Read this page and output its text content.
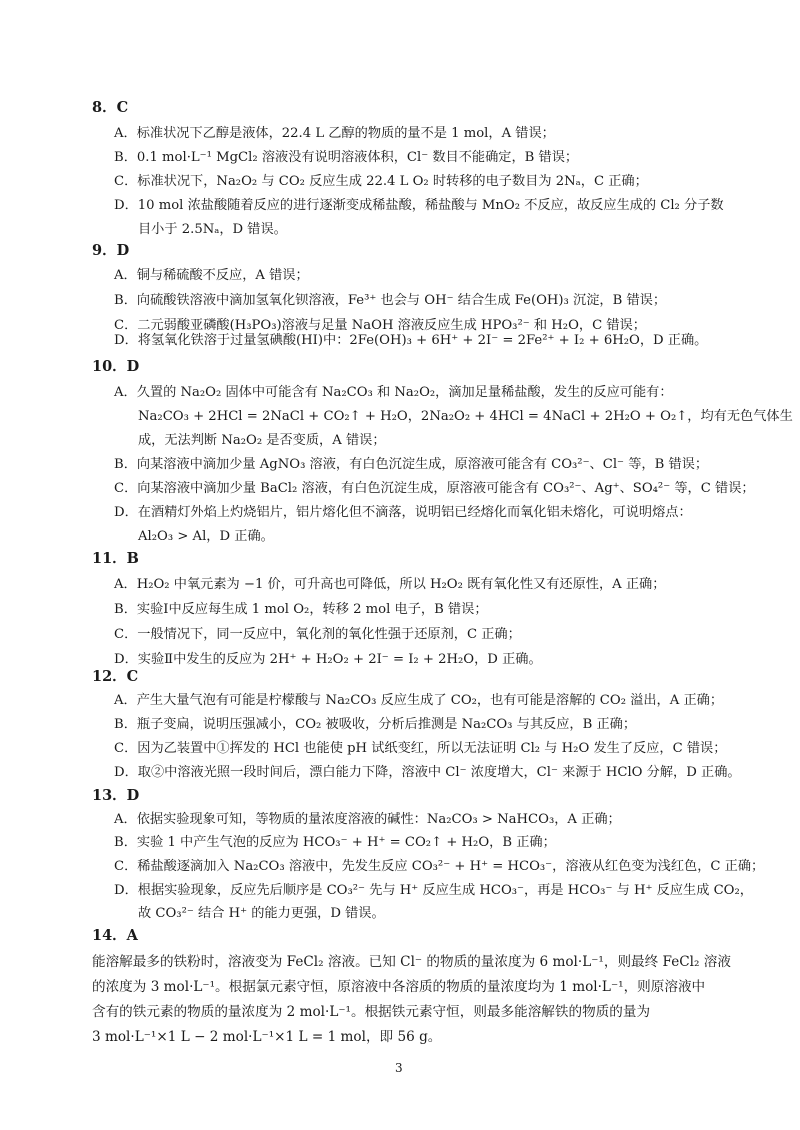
8．C
A．标准状况下乙醇是液体，22.4 L 乙醇的物质的量不是 1 mol，A 错误；
B．0.1 mol·L⁻¹ MgCl₂ 溶液没有说明溶液体积，Cl⁻ 数目不能确定，B 错误；
C．标准状况下，Na₂O₂ 与 CO₂ 反应生成 22.4 L O₂ 时转移的电子数目为 2Nₐ，C 正确；
D．10 mol 浓盐酸随着反应的进行逐渐变成稀盐酸，稀盐酸与 MnO₂ 不反应，故反应生成的 Cl₂ 分子数
目小于 2.5Nₐ，D 错误。
9．D
A．铜与稀硫酸不反应，A 错误；
B．向硫酸铁溶液中滴加氢氧化钡溶液，Fe³⁺ 也会与 OH⁻ 结合生成 Fe(OH)₃ 沉淀，B 错误；
C．二元弱酸亚磷酸(H₃PO₃)溶液与足量 NaOH 溶液反应生成 HPO₃²⁻ 和 H₂O，C 错误；
D．将氢氧化铁溶于过量氢碘酸(HI)中：2Fe(OH)₃ + 6H⁺ + 2I⁻ = 2Fe²⁺ + I₂ + 6H₂O，D 正确。
10．D
A．久置的 Na₂O₂ 固体中可能含有 Na₂CO₃ 和 Na₂O₂，滴加足量稀盐酸，发生的反应可能有：
Na₂CO₃ + 2HCl = 2NaCl + CO₂↑ + H₂O，2Na₂O₂ + 4HCl = 4NaCl + 2H₂O + O₂↑，均有无色气体生
成，无法判断 Na₂O₂ 是否变质，A 错误；
B．向某溶液中滴加少量 AgNO₃ 溶液，有白色沉淀生成，原溶液可能含有 CO₃²⁻、Cl⁻ 等，B 错误；
C．向某溶液中滴加少量 BaCl₂ 溶液，有白色沉淀生成，原溶液可能含有 CO₃²⁻、Ag⁺、SO₄²⁻ 等，C 错误；
D．在酒精灯外焰上灼烧铝片，铝片熔化但不滴落，说明铝已经熔化而氧化铝未熔化，可说明熔点：
Al₂O₃ > Al，D 正确。
11．B
A．H₂O₂ 中氧元素为 −1 价，可升高也可降低，所以 H₂O₂ 既有氧化性又有还原性，A 正确；
B．实验Ⅰ中反应每生成 1 mol O₂，转移 2 mol 电子，B 错误；
C．一般情况下，同一反应中，氧化剂的氧化性强于还原剂，C 正确；
D．实验Ⅱ中发生的反应为 2H⁺ + H₂O₂ + 2I⁻ = I₂ + 2H₂O，D 正确。
12．C
A．产生大量气泡有可能是柠檬酸与 Na₂CO₃ 反应生成了 CO₂，也有可能是溶解的 CO₂ 溢出，A 正确；
B．瓶子变扁，说明压强减小，CO₂ 被吸收，分析后推测是 Na₂CO₃ 与其反应，B 正确；
C．因为乙装置中①挥发的 HCl 也能使 pH 试纸变红，所以无法证明 Cl₂ 与 H₂O 发生了反应，C 错误；
D．取②中溶液光照一段时间后，漂白能力下降，溶液中 Cl⁻ 浓度增大，Cl⁻ 来源于 HClO 分解，D 正确。
13．D
A．依据实验现象可知，等物质的量浓度溶液的碱性：Na₂CO₃ > NaHCO₃，A 正确；
B．实验 1 中产生气泡的反应为 HCO₃⁻ + H⁺ = CO₂↑ + H₂O，B 正确；
C．稀盐酸逐滴加入 Na₂CO₃ 溶液中，先发生反应 CO₃²⁻ + H⁺ = HCO₃⁻，溶液从红色变为浅红色，C 正确；
D．根据实验现象，反应先后顺序是 CO₃²⁻ 先与 H⁺ 反应生成 HCO₃⁻，再是 HCO₃⁻ 与 H⁺ 反应生成 CO₂，
故 CO₃²⁻ 结合 H⁺ 的能力更强，D 错误。
14．A
能溶解最多的铁粉时，溶液变为 FeCl₂ 溶液。已知 Cl⁻ 的物质的量浓度为 6 mol·L⁻¹，则最终 FeCl₂ 溶液
的浓度为 3 mol·L⁻¹。根据氯元素守恒，原溶液中各溶质的物质的量浓度均为 1 mol·L⁻¹，则原溶液中
含有的铁元素的物质的量浓度为 2 mol·L⁻¹。根据铁元素守恒，则最多能溶解铁的物质的量为
3 mol·L⁻¹×1 L − 2 mol·L⁻¹×1 L = 1 mol，即 56 g。
3
